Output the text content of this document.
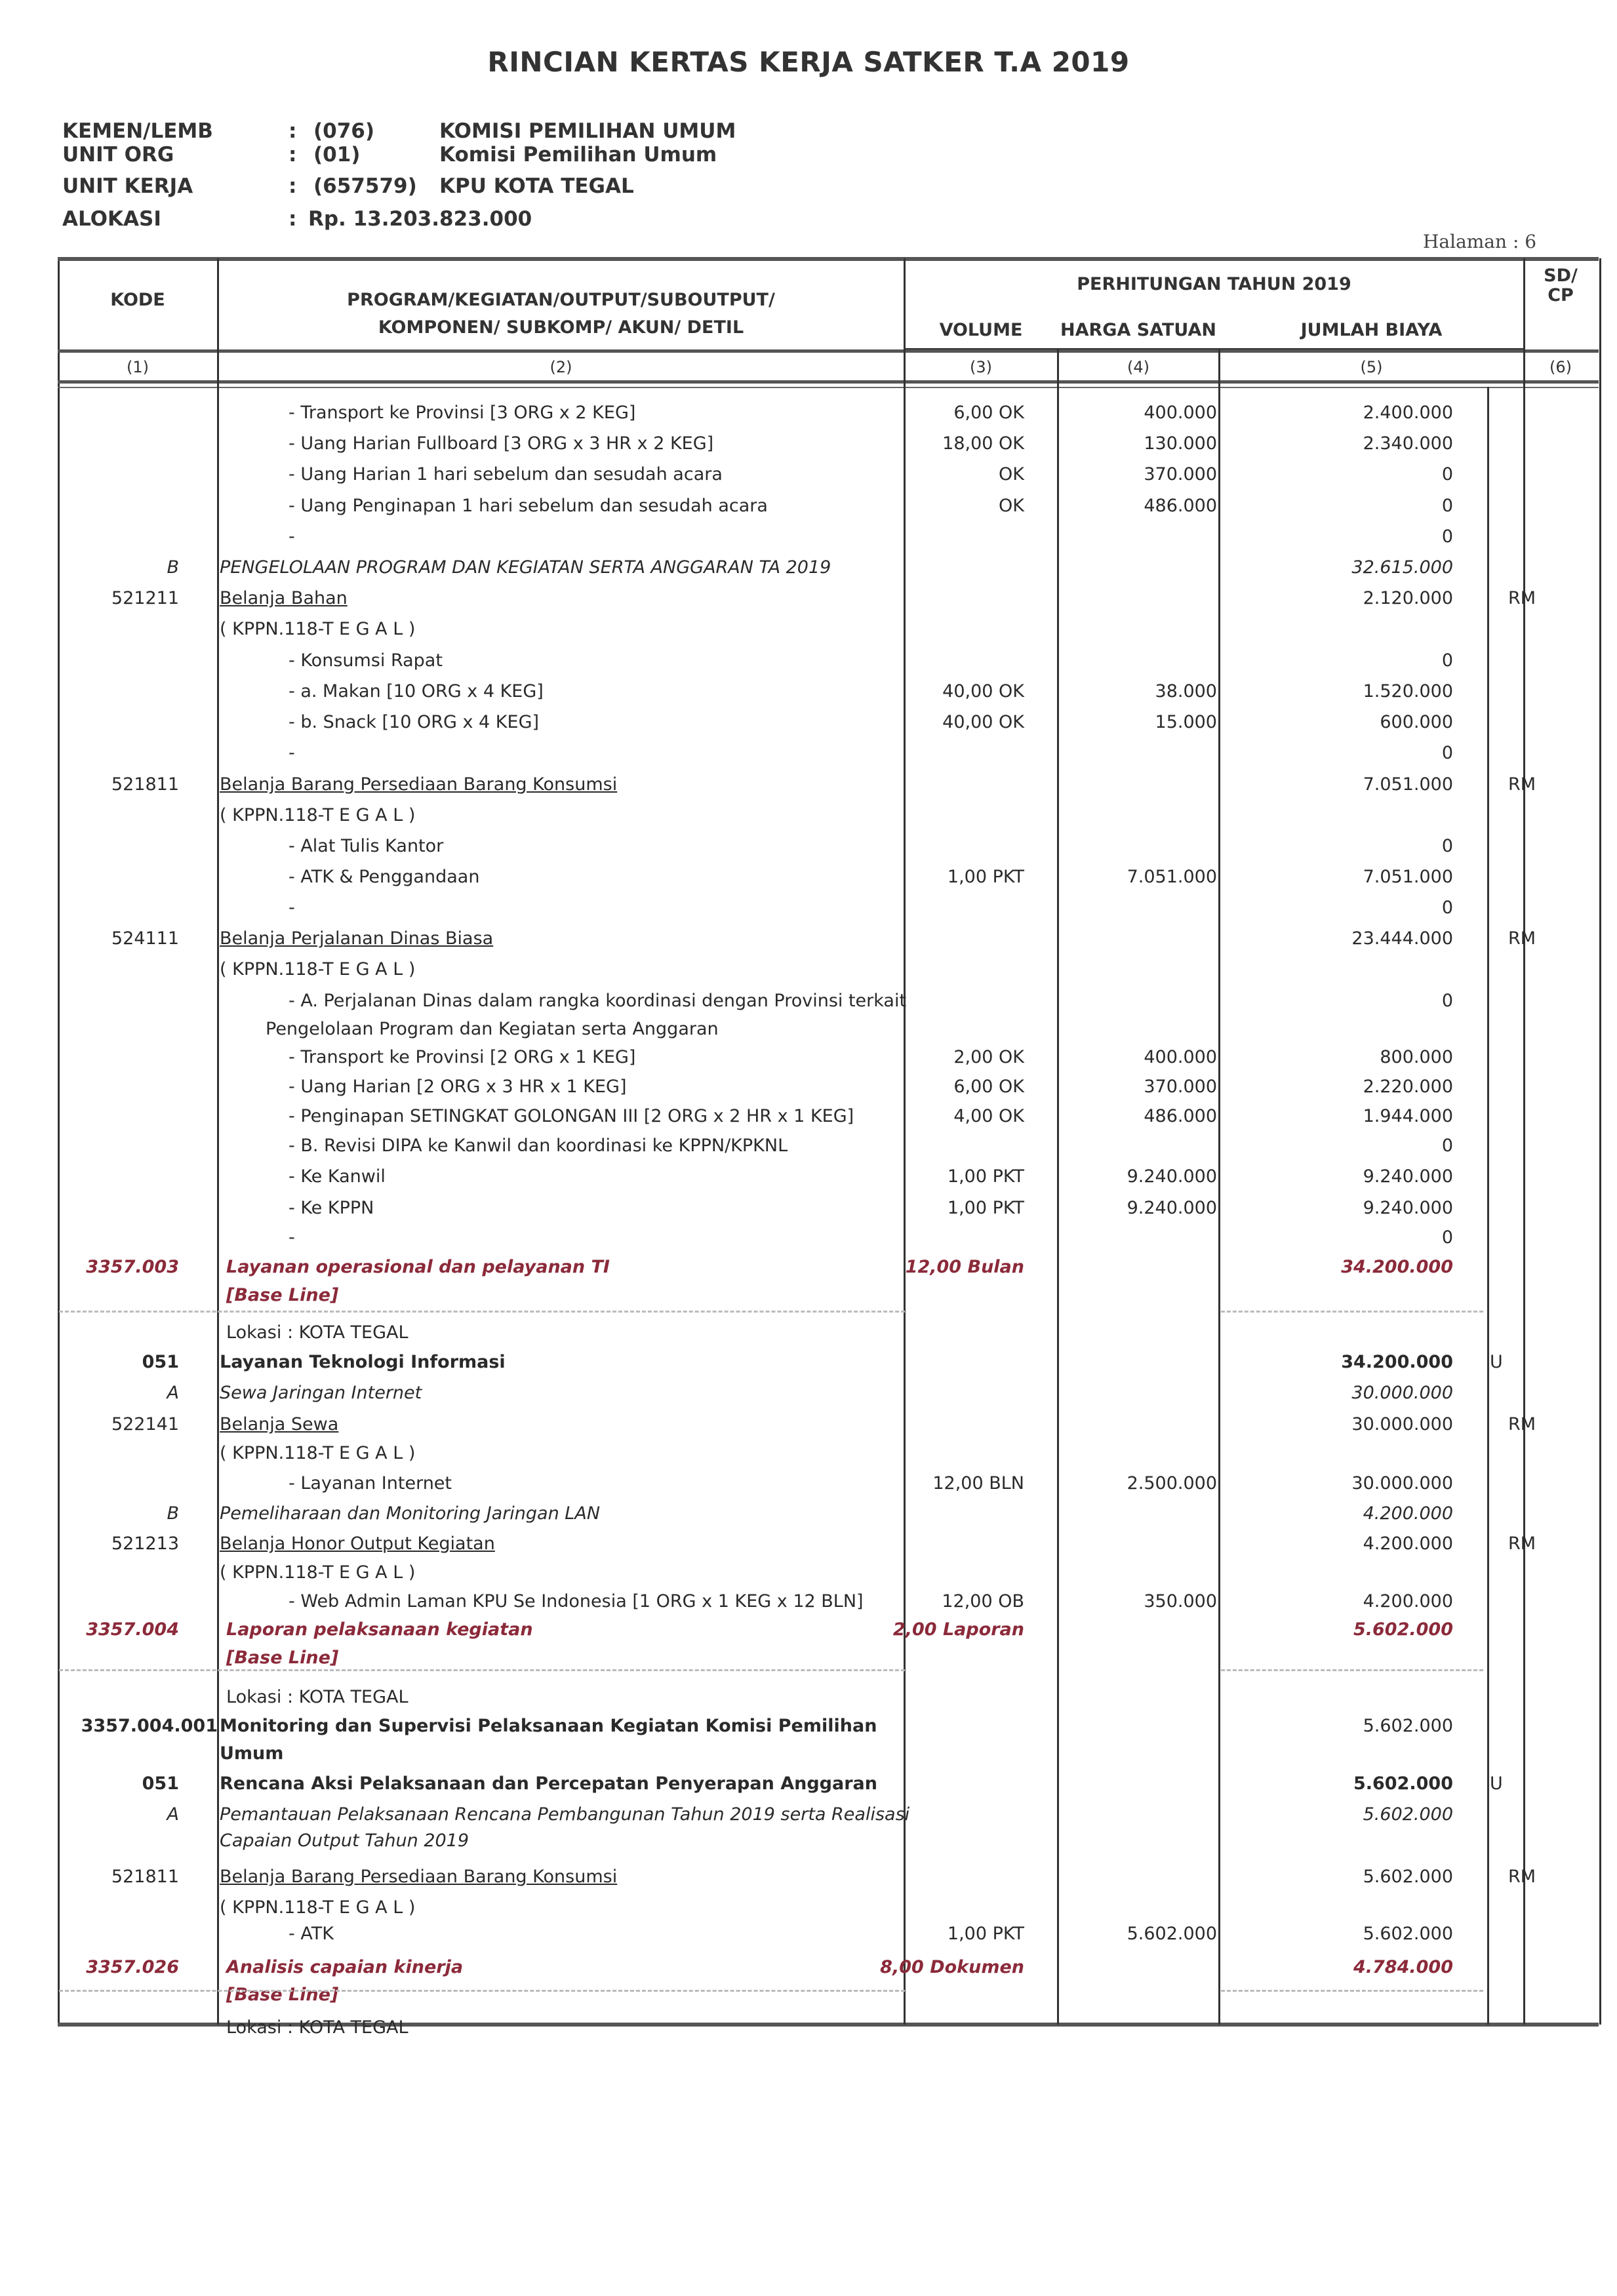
RINCIAN KERTAS KERJA SATKER T.A 2019
KEMEN/LEMB	: (076)	KOMISI PEMILIHAN UMUM
UNIT ORG	: (01)	Komisi Pemilihan Umum
UNIT KERJA	: (657579) KPU KOTA TEGAL
ALOKASI	: Rp. 13.203.823.000
Halaman : 6
KODE	PROGRAM/KEGIATAN/OUTPUT/SUBOUTPUT/
KOMPONEN/ SUBKOMP/ AKUN/ DETIL
PERHITUNGAN TAHUN 2019
VOLUME	HARGA SATUAN	JUMLAH BIAYA
SD/
CP
(1)	(2)	(3)	(4)	(5)	(6)
- Transport ke Provinsi [3 ORG x 2 KEG]	6,00 OK	400.000	2.400.000
- Uang Harian Fullboard [3 ORG x 3 HR x 2 KEG]	18,00 OK	130.000	2.340.000
- Uang Harian 1 hari sebelum dan sesudah acara	OK	370.000	0
- Uang Penginapan 1 hari sebelum dan sesudah acara	OK	486.000	0
-	0
B PENGELOLAAN PROGRAM DAN KEGIATAN SERTA ANGGARAN TA 2019	32.615.000
521211 Belanja Bahan	2.120.000	RM
( KPPN.118-T E G A L )
- Konsumsi Rapat	0
- a. Makan [10 ORG x 4 KEG]	40,00 OK	38.000	1.520.000
- b. Snack [10 ORG x 4 KEG]	40,00 OK	15.000	600.000
-	0
521811 Belanja Barang Persediaan Barang Konsumsi	7.051.000	RM
( KPPN.118-T E G A L )
- Alat Tulis Kantor	0
- ATK & Penggandaan	1,00 PKT	7.051.000	7.051.000
-	0
524111 Belanja Perjalanan Dinas Biasa	23.444.000	RM
( KPPN.118-T E G A L )
- A. Perjalanan Dinas dalam rangka koordinasi dengan Provinsi terkait	0
Pengelolaan Program dan Kegiatan serta Anggaran
- Transport ke Provinsi [2 ORG x 1 KEG]	2,00 OK	400.000	800.000
- Uang Harian [2 ORG x 3 HR x 1 KEG]	6,00 OK	370.000	2.220.000
- Penginapan SETINGKAT GOLONGAN III [2 ORG x 2 HR x 1 KEG]	4,00 OK	486.000	1.944.000
- B. Revisi DIPA ke Kanwil dan koordinasi ke KPPN/KPKNL	0
- Ke Kanwil	1,00 PKT	9.240.000	9.240.000
- Ke KPPN	1,00 PKT	9.240.000	9.240.000
-	0
3357.003	Layanan operasional dan pelayanan TI	12,00 Bulan	34.200.000
[Base Line]
Lokasi : KOTA TEGAL
051 Layanan Teknologi Informasi	34.200.000 U
A Sewa Jaringan Internet	30.000.000
522141 Belanja Sewa	30.000.000	RM
( KPPN.118-T E G A L )
- Layanan Internet	12,00 BLN	2.500.000	30.000.000
B Pemeliharaan dan Monitoring Jaringan LAN	4.200.000
521213 Belanja Honor Output Kegiatan	4.200.000	RM
( KPPN.118-T E G A L )
- Web Admin Laman KPU Se Indonesia [1 ORG x 1 KEG x 12 BLN]	12,00 OB	350.000	4.200.000
3357.004	Laporan pelaksanaan kegiatan	2,00 Laporan	5.602.000
[Base Line]
Lokasi : KOTA TEGAL
3357.004.001 Monitoring dan Supervisi Pelaksanaan Kegiatan Komisi Pemilihan	5.602.000
Umum
051 Rencana Aksi Pelaksanaan dan Percepatan Penyerapan Anggaran	5.602.000 U
A Pemantauan Pelaksanaan Rencana Pembangunan Tahun 2019 serta Realisasi	5.602.000
Capaian Output Tahun 2019
521811 Belanja Barang Persediaan Barang Konsumsi	5.602.000	RM
( KPPN.118-T E G A L )
- ATK	1,00 PKT	5.602.000	5.602.000
3357.026	Analisis capaian kinerja	8,00 Dokumen	4.784.000
[Base Line]
Lokasi : KOTA TEGAL
